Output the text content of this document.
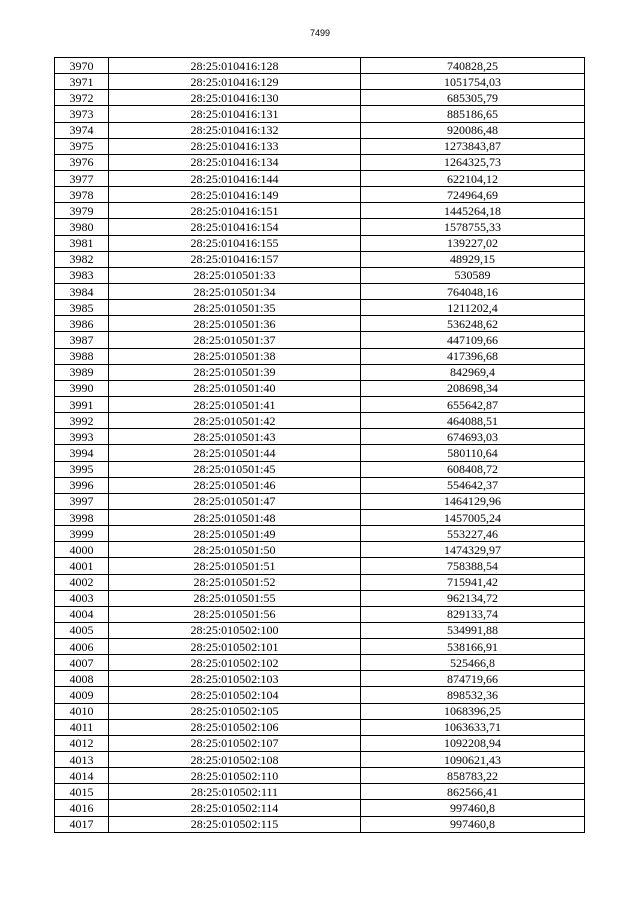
7499
3970	28:25:010416:128	740828,25
3971	28:25:010416:129	1051754,03
3972	28:25:010416:130	685305,79
3973	28:25:010416:131	885186,65
3974	28:25:010416:132	920086,48
3975	28:25:010416:133	1273843,87
3976	28:25:010416:134	1264325,73
3977	28:25:010416:144	622104,12
3978	28:25:010416:149	724964,69
3979	28:25:010416:151	1445264,18
3980	28:25:010416:154	1578755,33
3981	28:25:010416:155	139227,02
3982	28:25:010416:157	48929,15
3983	28:25:010501:33	530589
3984	28:25:010501:34	764048,16
3985	28:25:010501:35	1211202,4
3986	28:25:010501:36	536248,62
3987	28:25:010501:37	447109,66
3988	28:25:010501:38	417396,68
3989	28:25:010501:39	842969,4
3990	28:25:010501:40	208698,34
3991	28:25:010501:41	655642,87
3992	28:25:010501:42	464088,51
3993	28:25:010501:43	674693,03
3994	28:25:010501:44	580110,64
3995	28:25:010501:45	608408,72
3996	28:25:010501:46	554642,37
3997	28:25:010501:47	1464129,96
3998	28:25:010501:48	1457005,24
3999	28:25:010501:49	553227,46
4000	28:25:010501:50	1474329,97
4001	28:25:010501:51	758388,54
4002	28:25:010501:52	715941,42
4003	28:25:010501:55	962134,72
4004	28:25:010501:56	829133,74
4005	28:25:010502:100	534991,88
4006	28:25:010502:101	538166,91
4007	28:25:010502:102	525466,8
4008	28:25:010502:103	874719,66
4009	28:25:010502:104	898532,36
4010	28:25:010502:105	1068396,25
4011	28:25:010502:106	1063633,71
4012	28:25:010502:107	1092208,94
4013	28:25:010502:108	1090621,43
4014	28:25:010502:110	858783,22
4015	28:25:010502:111	862566,41
4016	28:25:010502:114	997460,8
4017	28:25:010502:115	997460,8
